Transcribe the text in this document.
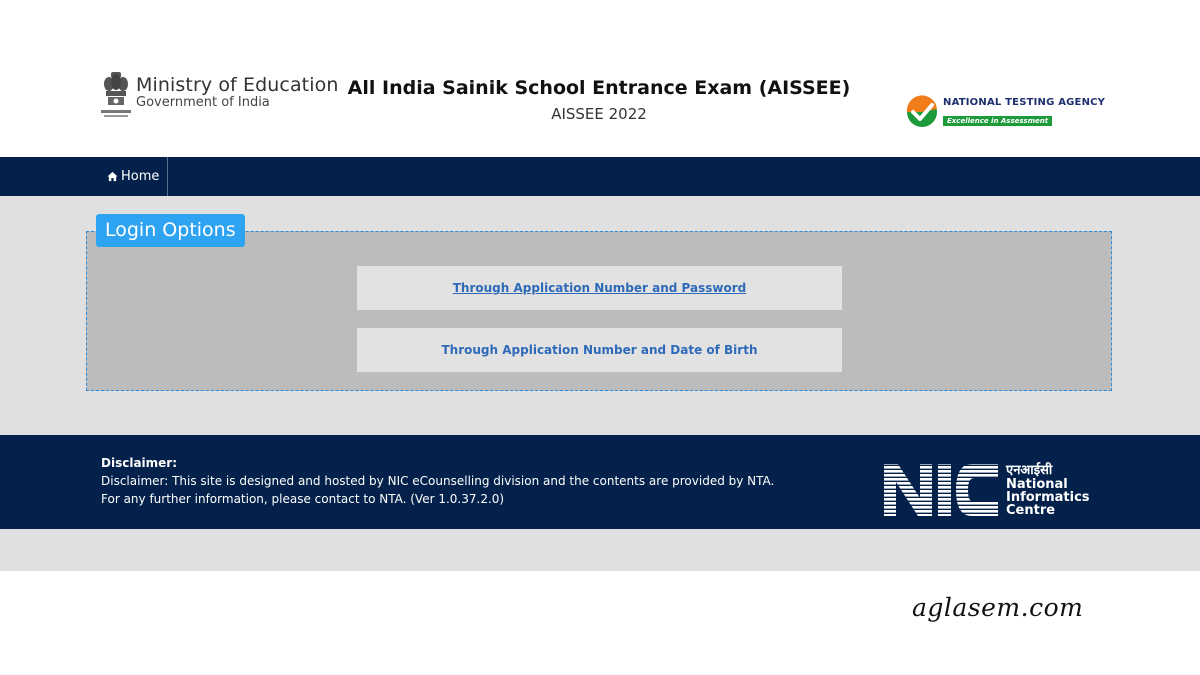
Ministry of Education
Government of India
All India Sainik School Entrance Exam (AISSEE)
AISSEE 2022
NATIONAL TESTING AGENCY
Excellence in Assessment
Home
Login Options
Through Application Number and Password
Through Application Number and Date of Birth
Disclaimer:
Disclaimer: This site is designed and hosted by NIC eCounselling division and the contents are provided by NTA.
For any further information, please contact to NTA. (Ver 1.0.37.2.0)
एनआईसी
National
Informatics
Centre
aglasem.com
